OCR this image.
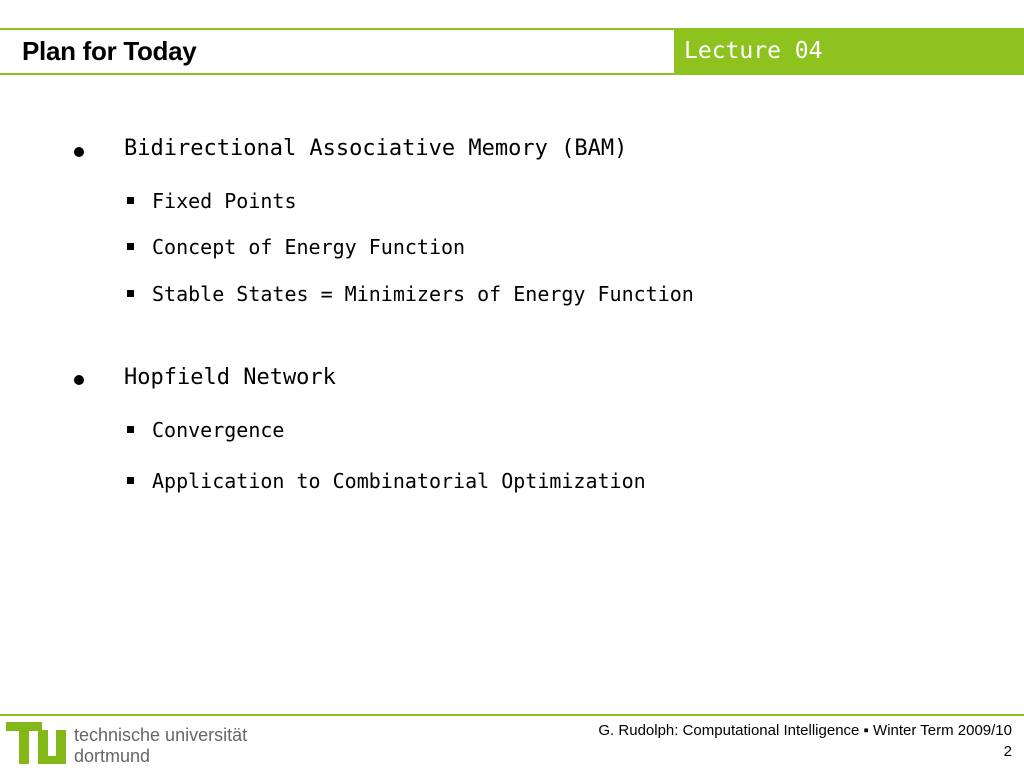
Plan for Today	Lecture 04
Bidirectional Associative Memory (BAM)
Fixed Points
Concept of Energy Function
Stable States = Minimizers of Energy Function
Hopfield Network
Convergence
Application to Combinatorial Optimization
technische universität
dortmund
G. Rudolph: Computational Intelligence ▪ Winter Term 2009/10
2
